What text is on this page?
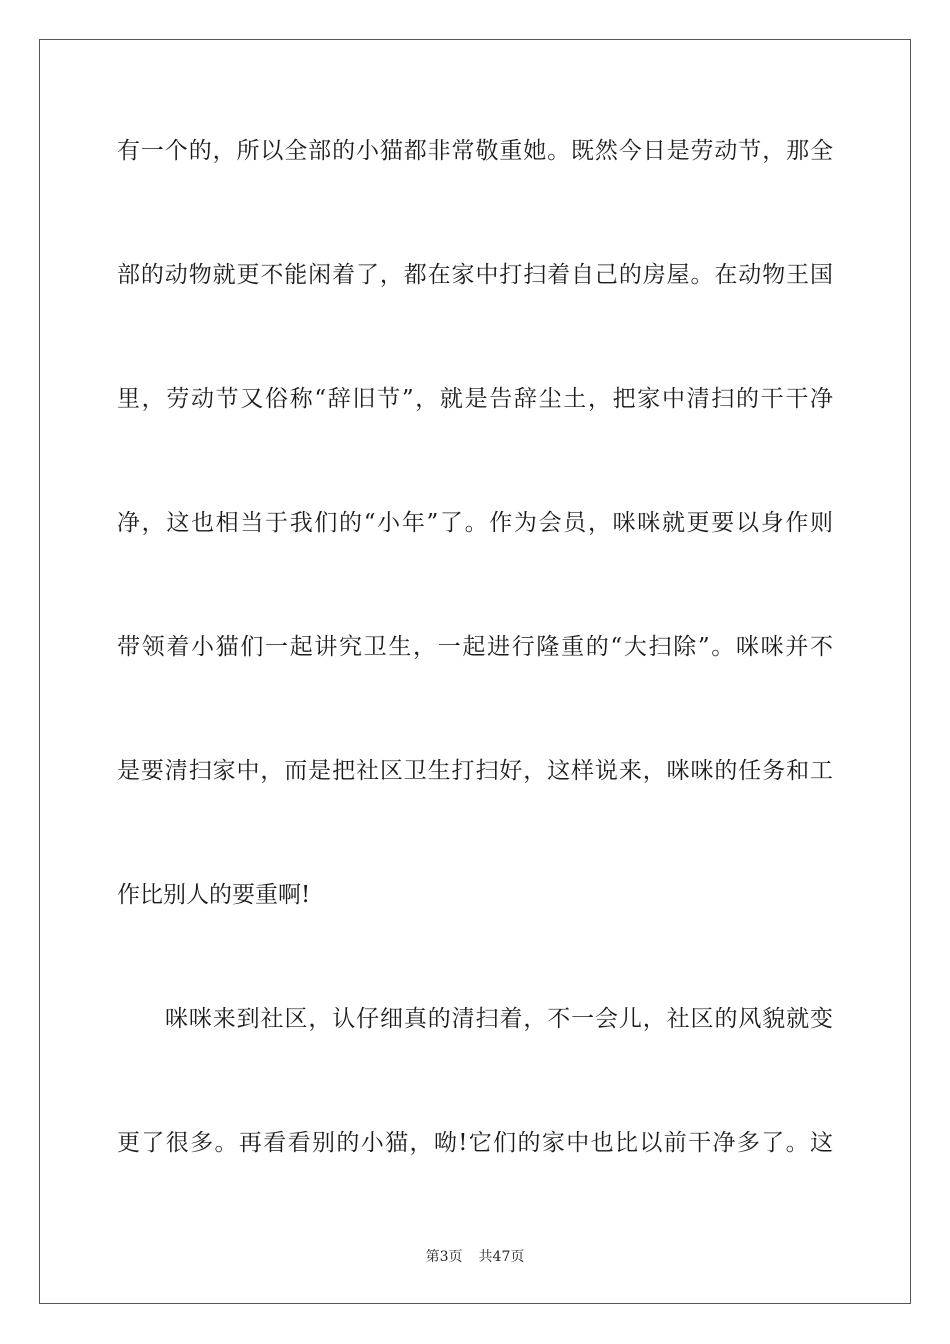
有一个的，所以全部的小猫都非常敬重她。既然今日是劳动节，那全
部的动物就更不能闲着了，都在家中打扫着自己的房屋。在动物王国
里，劳动节又俗称“辞旧节”，就是告辞尘土，把家中清扫的干干净
净，这也相当于我们的“小年”了。作为会员，咪咪就更要以身作则
带领着小猫们一起讲究卫生，一起进行隆重的“大扫除”。咪咪并不
是要清扫家中，而是把社区卫生打扫好，这样说来，咪咪的任务和工
作比别人的要重啊!
咪咪来到社区，认仔细真的清扫着，不一会儿，社区的风貌就变
更了很多。再看看别的小猫，呦!它们的家中也比以前干净多了。这
第3页 共47页
